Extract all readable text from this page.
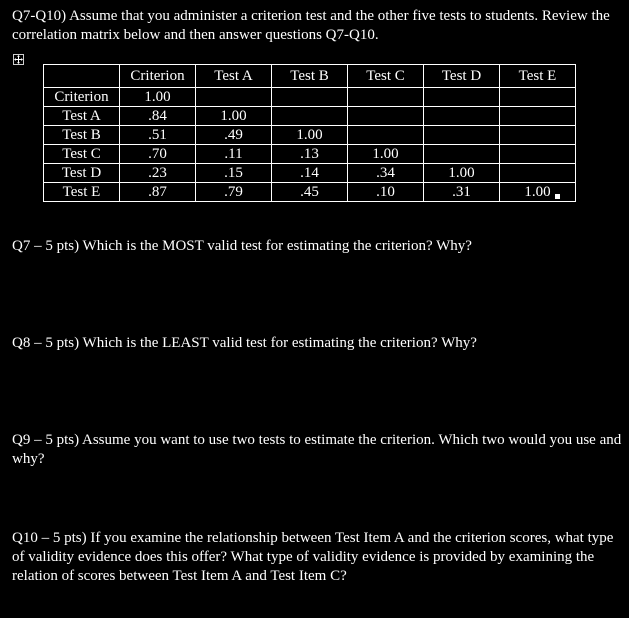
Q7-Q10) Assume that you administer a criterion test and the other five tests to students. Review the correlation matrix below and then answer questions Q7-Q10.
	Criterion	Test A	Test B	Test C	Test D	Test E
Criterion	1.00					
Test A	.84	1.00				
Test B	.51	.49	1.00			
Test C	.70	.11	.13	1.00		
Test D	.23	.15	.14	.34	1.00	
Test E	.87	.79	.45	.10	.31	1.00
Q7 – 5 pts) Which is the MOST valid test for estimating the criterion? Why?
Q8 – 5 pts) Which is the LEAST valid test for estimating the criterion? Why?
Q9 – 5 pts) Assume you want to use two tests to estimate the criterion. Which two would you use and why?
Q10 – 5 pts) If you examine the relationship between Test Item A and the criterion scores, what type of validity evidence does this offer? What type of validity evidence is provided by examining the relation of scores between Test Item A and Test Item C?
